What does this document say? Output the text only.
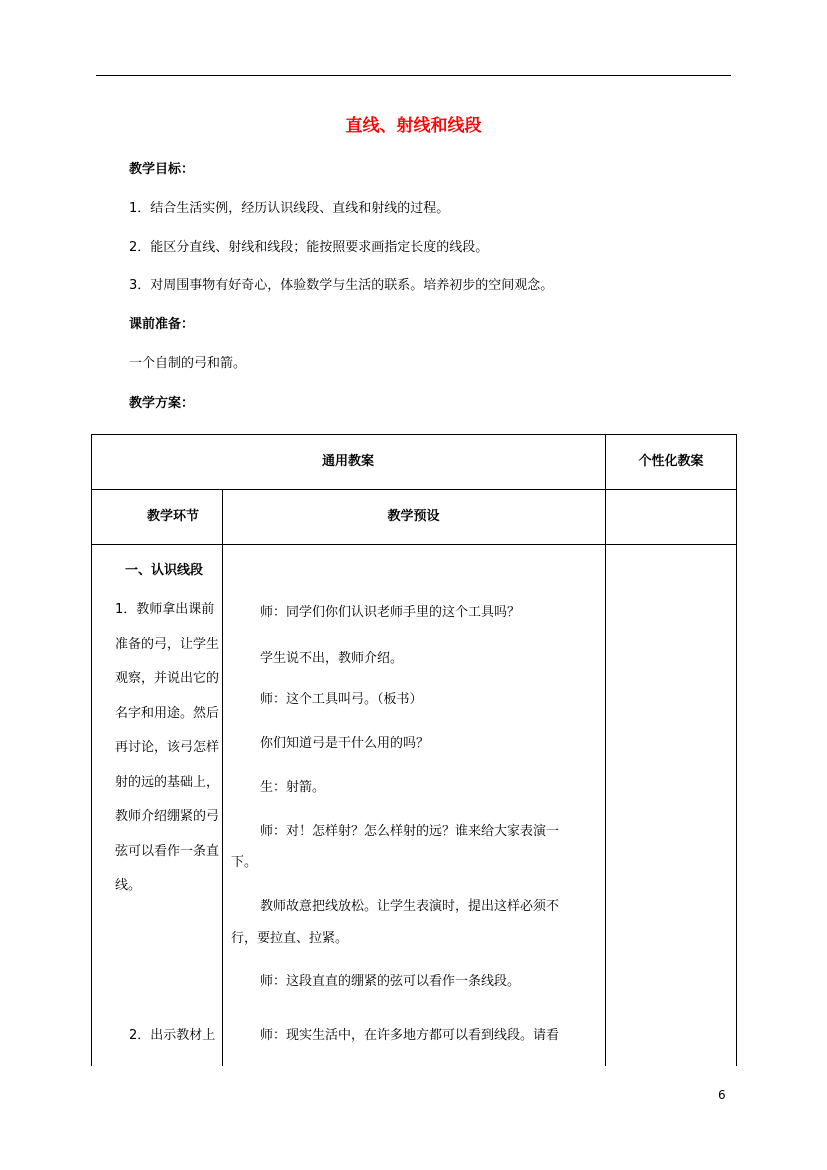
直线、射线和线段
教学目标：
1．结合生活实例，经历认识线段、直线和射线的过程。
2．能区分直线、射线和线段；能按照要求画指定长度的线段。
3．对周围事物有好奇心，体验数学与生活的联系。培养初步的空间观念。
课前准备：
一个自制的弓和箭。
教学方案：
通用教案	个性化教案
教学环节	教学预设
一、认识线段
1．教师拿出课前准备的弓，让学生观察，并说出它的名字和用途。然后再讨论，该弓怎样射的远的基础上，教师介绍绷紧的弓弦可以看作一条直线。
2．出示教材上
师：同学们你们认识老师手里的这个工具吗？
学生说不出，教师介绍。
师：这个工具叫弓。（板书）
你们知道弓是干什么用的吗？
生：射箭。
师：对！怎样射？怎么样射的远？谁来给大家表演一
下。
教师故意把线放松。让学生表演时，提出这样必须不
行，要拉直、拉紧。
师：这段直直的绷紧的弦可以看作一条线段。
师：现实生活中，在许多地方都可以看到线段。请看
6
